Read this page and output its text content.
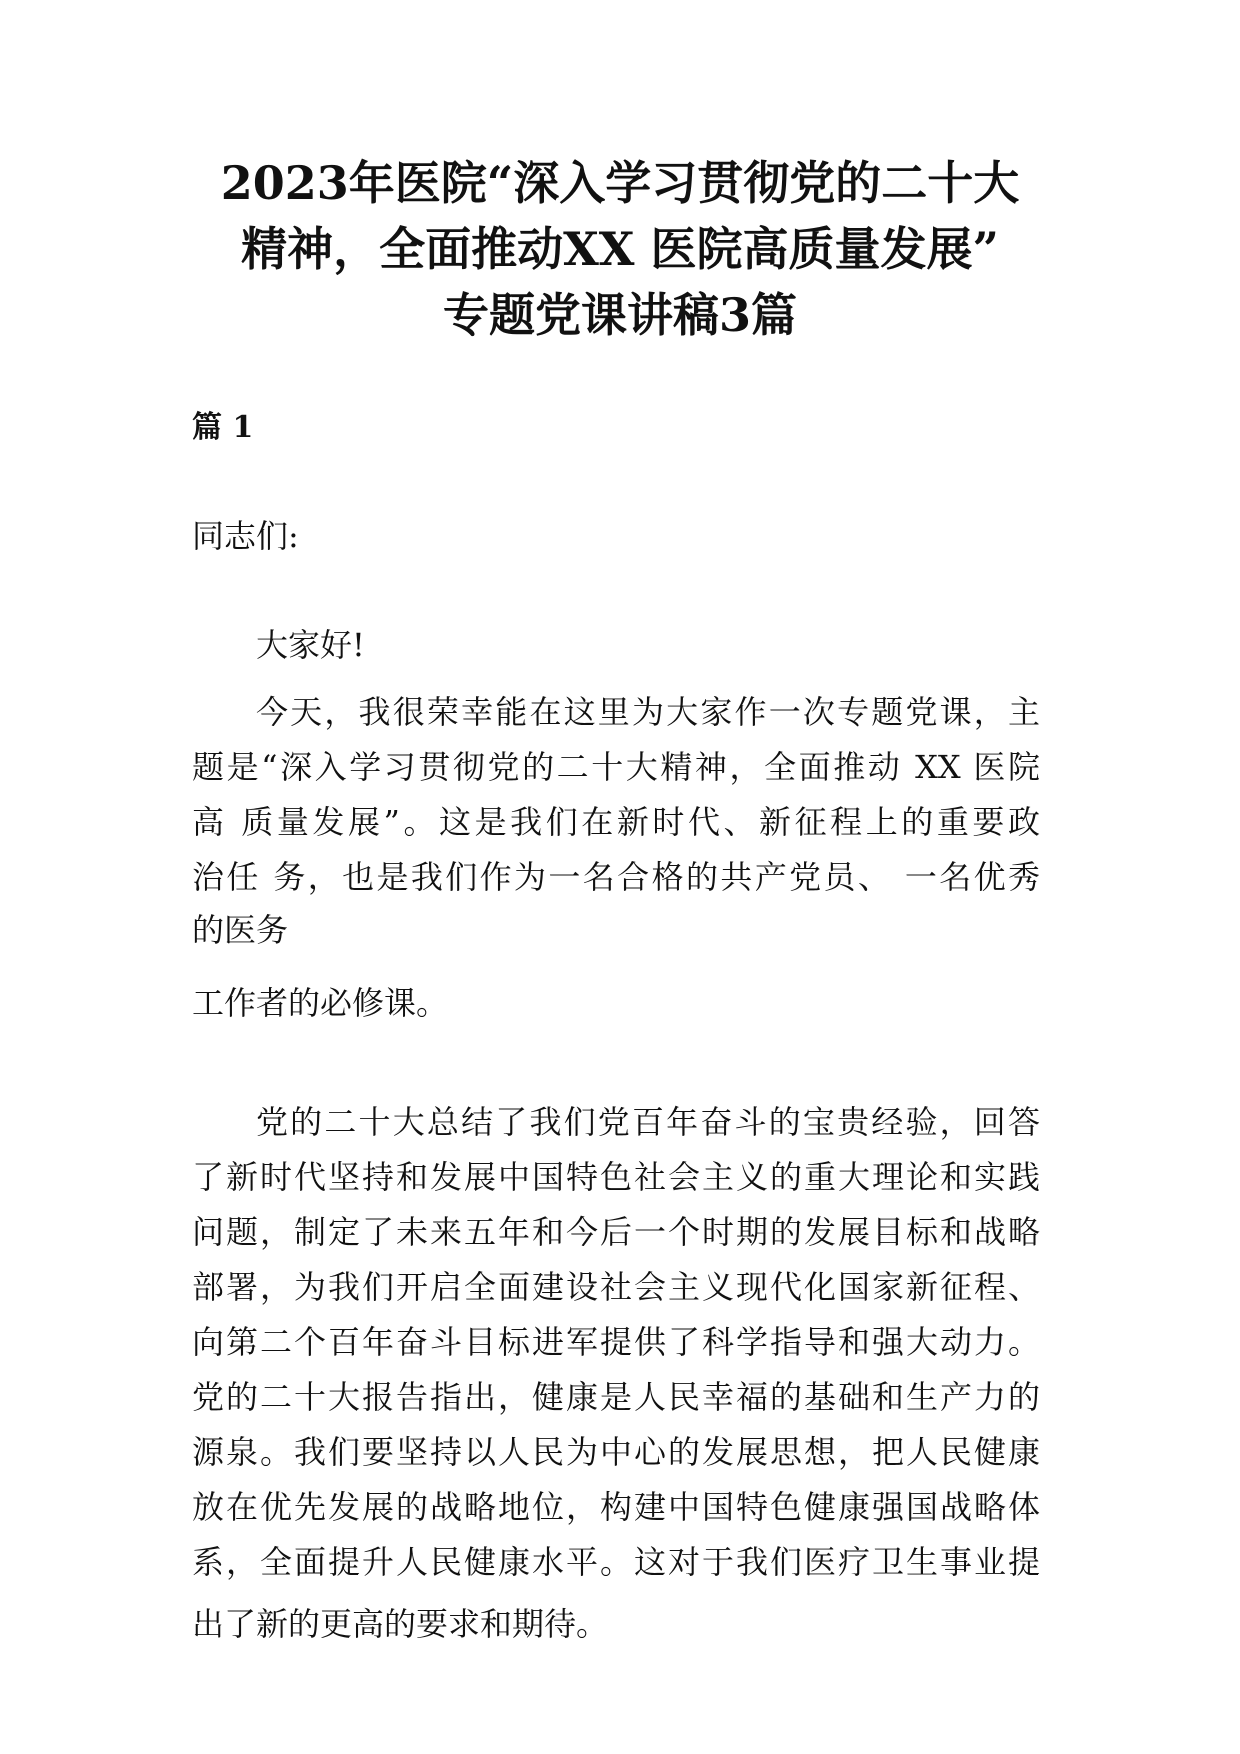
2023年医院“深入学习贯彻党的二十大
精神，全面推动XX 医院高质量发展”
专题党课讲稿3篇
篇 1

同志们:

大家好!

今天，我很荣幸能在这里为大家作一次专题党课，主

题是“深入学习贯彻党的二十大精神，全面推动 XX 医院

高 质量发展”。这是我们在新时代、新征程上的重要政

治任 务，也是我们作为一名合格的共产党员、 一名优秀

的医务

工作者的必修课。

党的二十大总结了我们党百年奋斗的宝贵经验，回答

了新时代坚持和发展中国特色社会主义的重大理论和实践

问题，制定了未来五年和今后一个时期的发展目标和战略

部署，为我们开启全面建设社会主义现代化国家新征程、

向第二个百年奋斗目标进军提供了科学指导和强大动力。

党的二十大报告指出，健康是人民幸福的基础和生产力的

源泉。我们要坚持以人民为中心的发展思想，把人民健康

放在优先发展的战略地位，构建中国特色健康强国战略体

系，全面提升人民健康水平。这对于我们医疗卫生事业提

出了新的更高的要求和期待。
